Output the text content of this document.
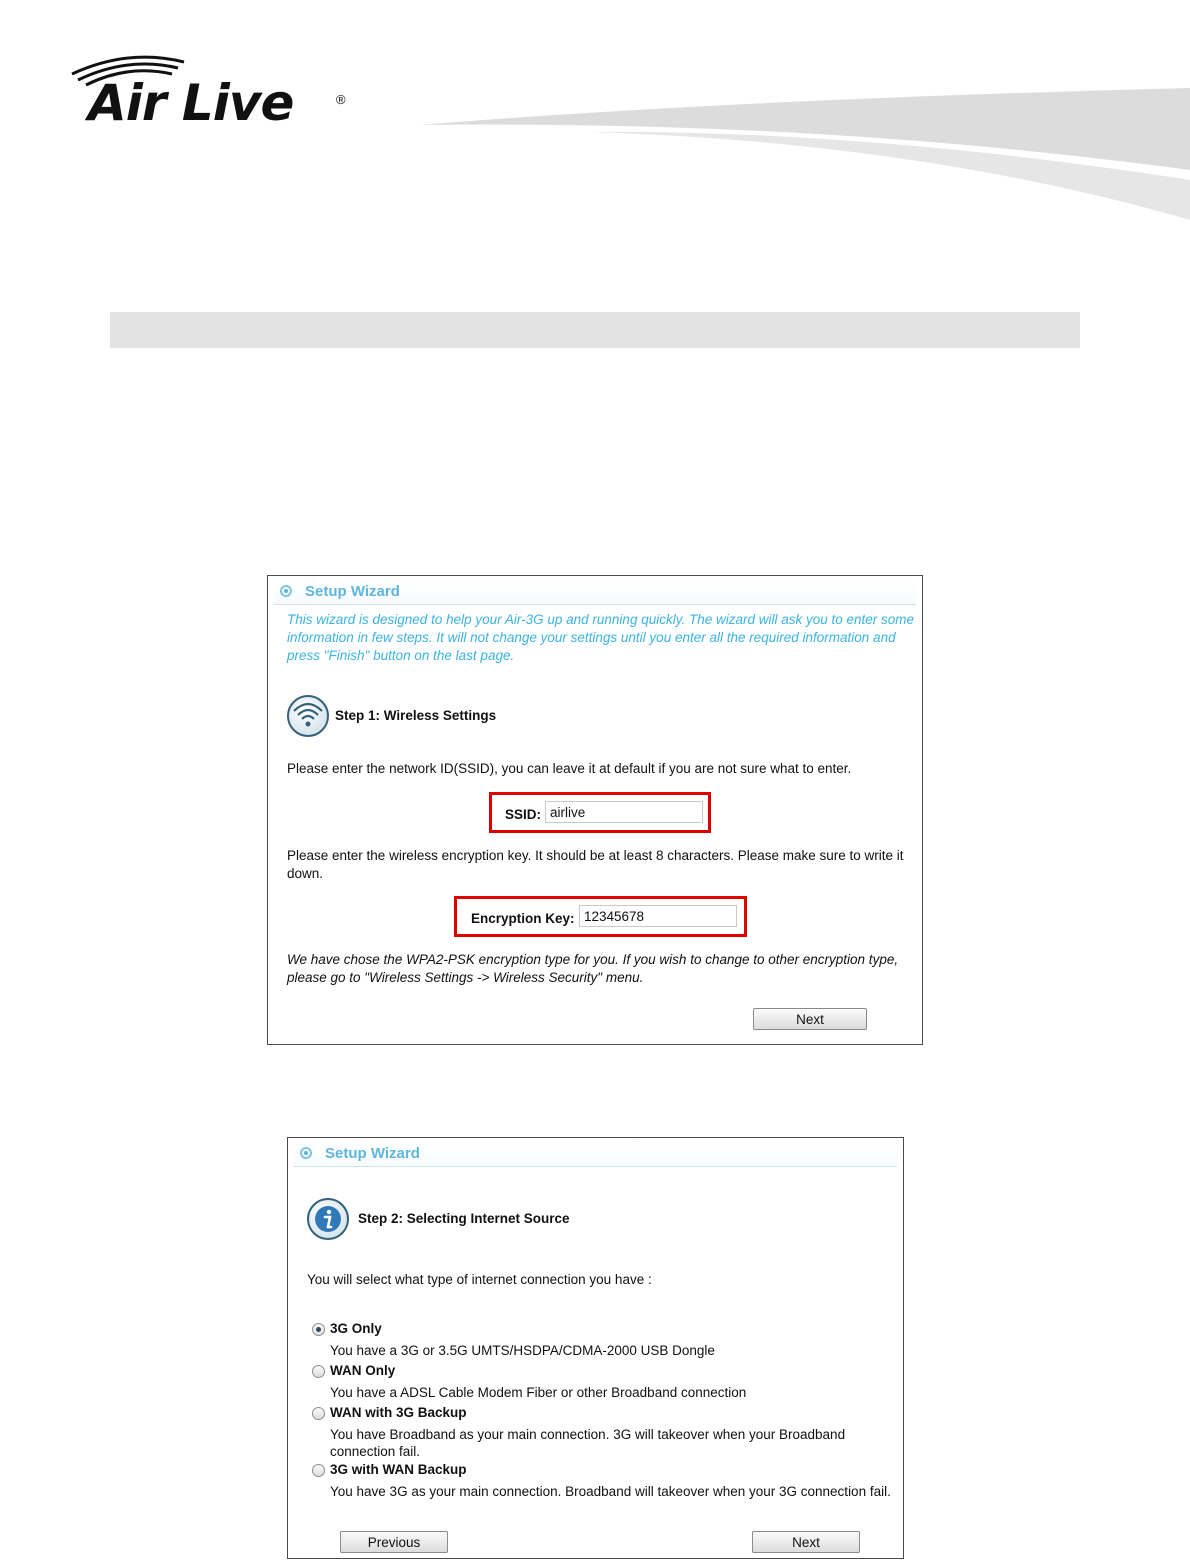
Air Live	®
Setup Wizard
This wizard is designed to help your Air-3G up and running quickly. The wizard will ask you to enter some information in few steps. It will not change your settings until you enter all the required information and press "Finish" button on the last page.
Step 1: Wireless Settings
Please enter the network ID(SSID), you can leave it at default if you are not sure what to enter.
SSID:
airlive
Please enter the wireless encryption key. It should be at least 8 characters. Please make sure to write it down.
Encryption Key:
12345678
We have chose the WPA2-PSK encryption type for you. If you wish to change to other encryption type, please go to "Wireless Settings -> Wireless Security" menu.
Next
Setup Wizard
Step 2: Selecting Internet Source
You will select what type of internet connection you have :
3G Only
You have a 3G or 3.5G UMTS/HSDPA/CDMA-2000 USB Dongle
WAN Only
You have a ADSL Cable Modem Fiber or other Broadband connection
WAN with 3G Backup
You have Broadband as your main connection. 3G will takeover when your Broadband connection fail.
3G with WAN Backup
You have 3G as your main connection. Broadband will takeover when your 3G connection fail.
Previous	Next
